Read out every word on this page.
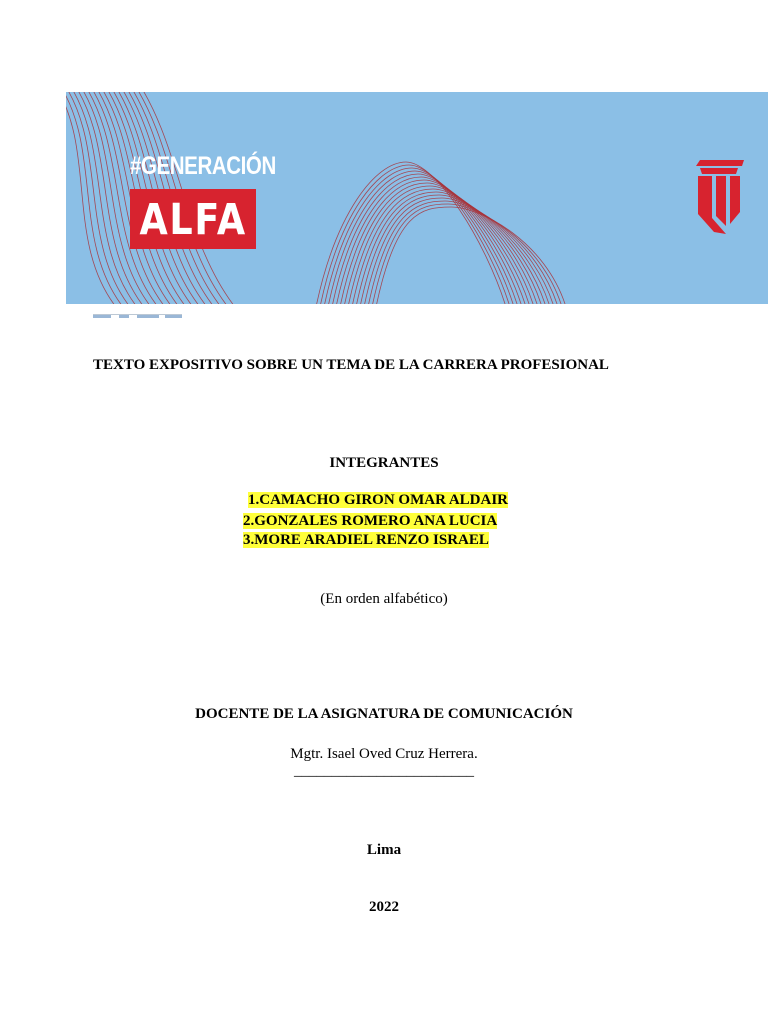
#GENERACIÓN
ALFA
TEXTO EXPOSITIVO SOBRE UN TEMA DE LA CARRERA PROFESIONAL
INTEGRANTES
1.CAMACHO GIRON OMAR ALDAIR
2.GONZALES ROMERO ANA LUCIA
3.MORE ARADIEL RENZO ISRAEL
(En orden alfabético)
DOCENTE DE LA ASIGNATURA DE COMUNICACIÓN
Mgtr. Isael Oved Cruz Herrera.
________________________
Lima
2022
